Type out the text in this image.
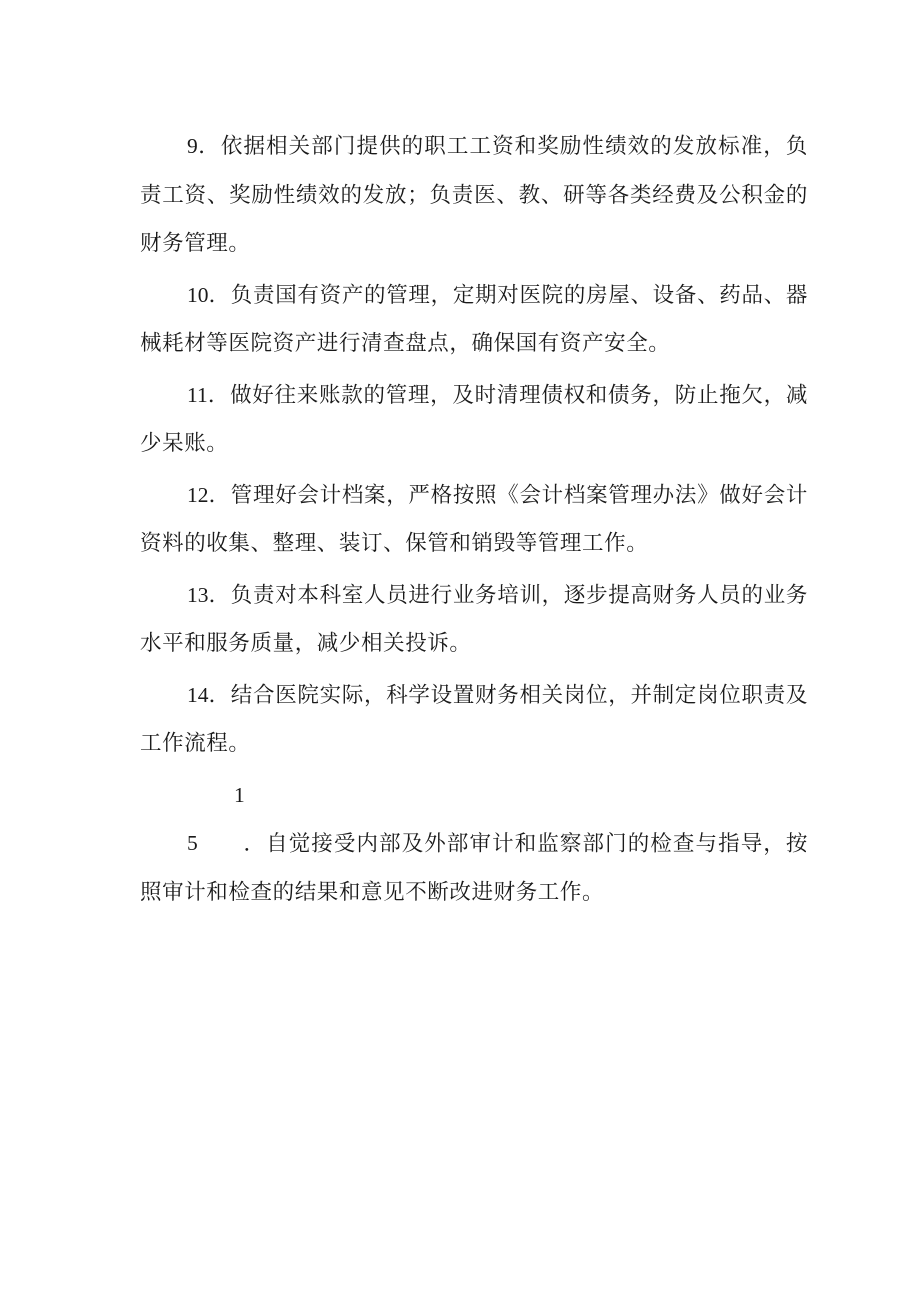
9．依据相关部门提供的职工工资和奖励性绩效的发放标准，负责工资、奖励性绩效的发放；负责医、教、研等各类经费及公积金的财务管理。

10．负责国有资产的管理，定期对医院的房屋、设备、药品、器械耗材等医院资产进行清查盘点，确保国有资产安全。

11．做好往来账款的管理，及时清理债权和债务，防止拖欠，减少呆账。

12．管理好会计档案，严格按照《会计档案管理办法》做好会计资料的收集、整理、装订、保管和销毁等管理工作。

13．负责对本科室人员进行业务培训，逐步提高财务人员的业务水平和服务质量，减少相关投诉。

14．结合医院实际，科学设置财务相关岗位，并制定岗位职责及工作流程。

15 ．自觉接受内部及外部审计和监察部门的检查与指导，按照审计和检查的结果和意见不断改进财务工作。
